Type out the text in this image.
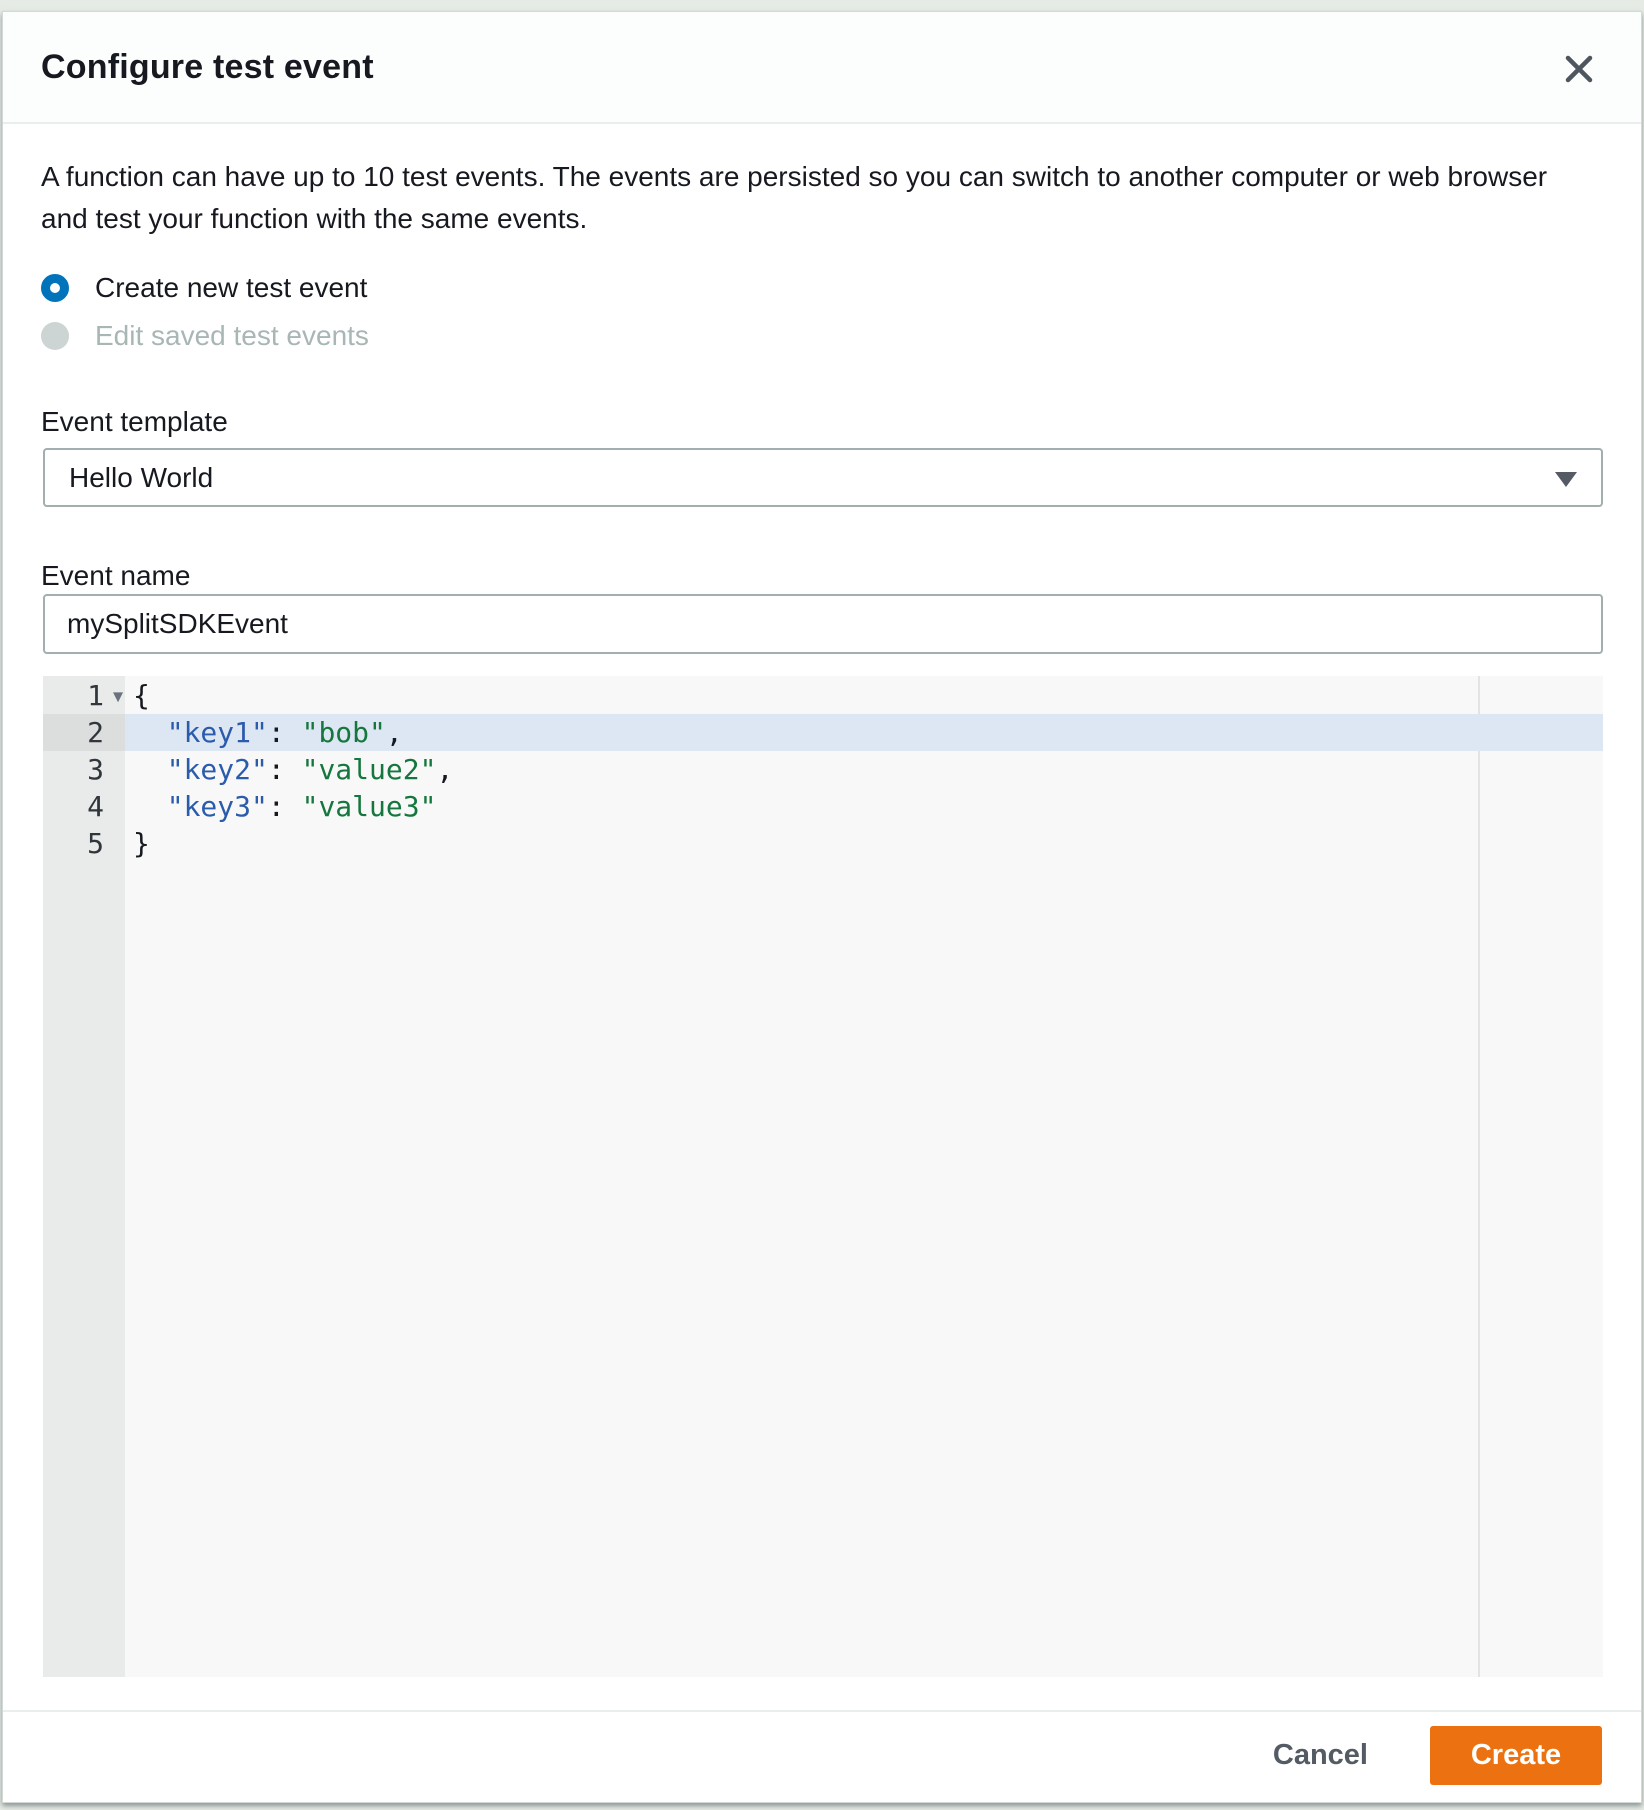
Configure test event
A function can have up to 10 test events. The events are persisted so you can switch to another computer or web browser
and test your function with the same events.
Create new test event
Edit saved test events
Event template
Hello World
Event name
mySplitSDKEvent
1 ▾ {
2
	"key1" : "bob" ,
3
	"key2" : "value2" ,
4
	"key3" : "value3"
5	}
Cancel	Create
